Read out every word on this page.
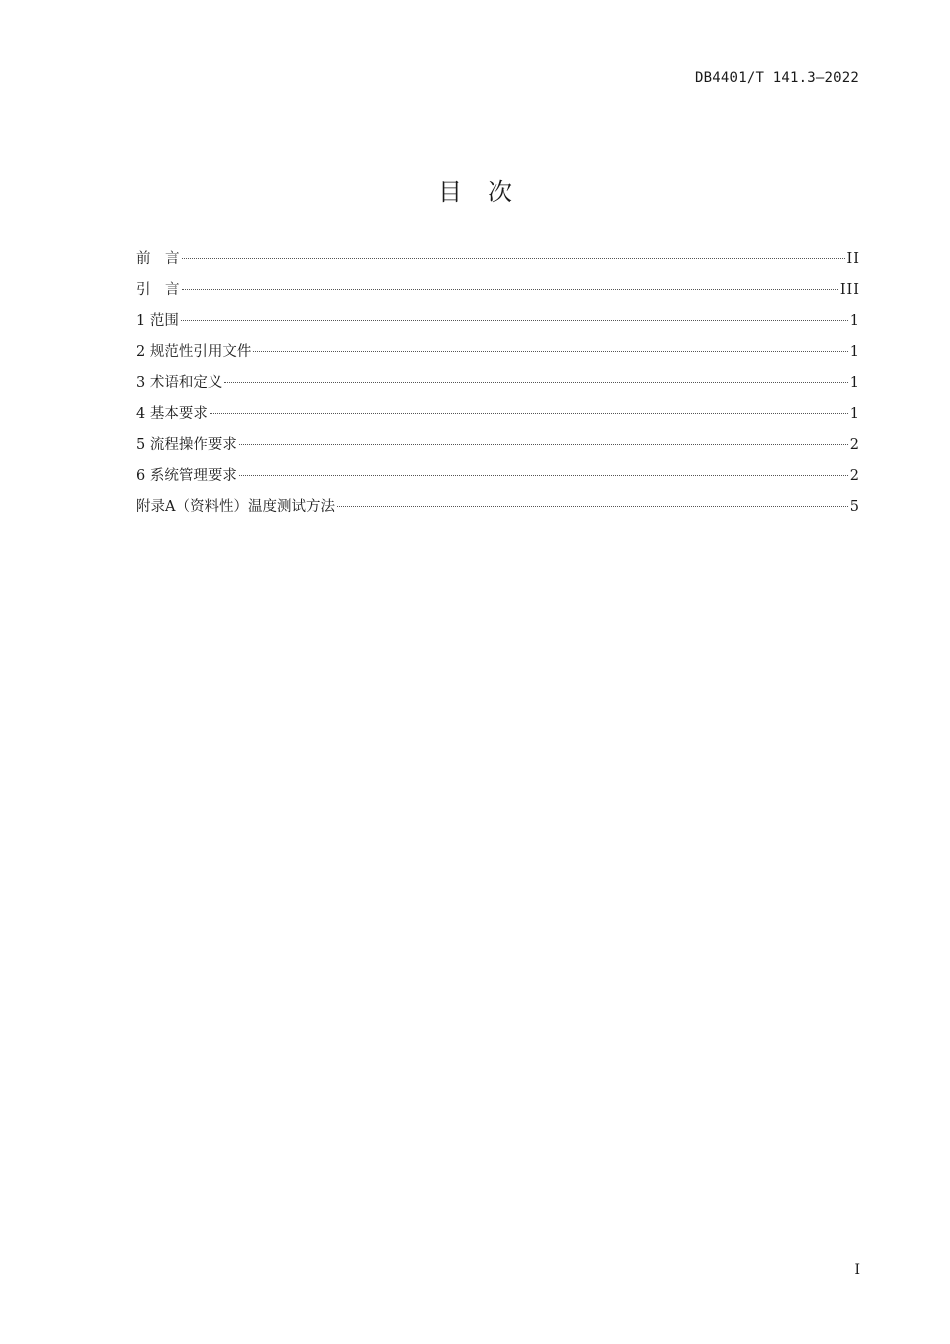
DB4401/T 141.3—2022
目次
前　言	II
引　言	III
1 范围	1
2 规范性引用文件	1
3 术语和定义	1
4 基本要求	1
5 流程操作要求	2
6 系统管理要求	2
附录A（资料性）温度测试方法	5
I
